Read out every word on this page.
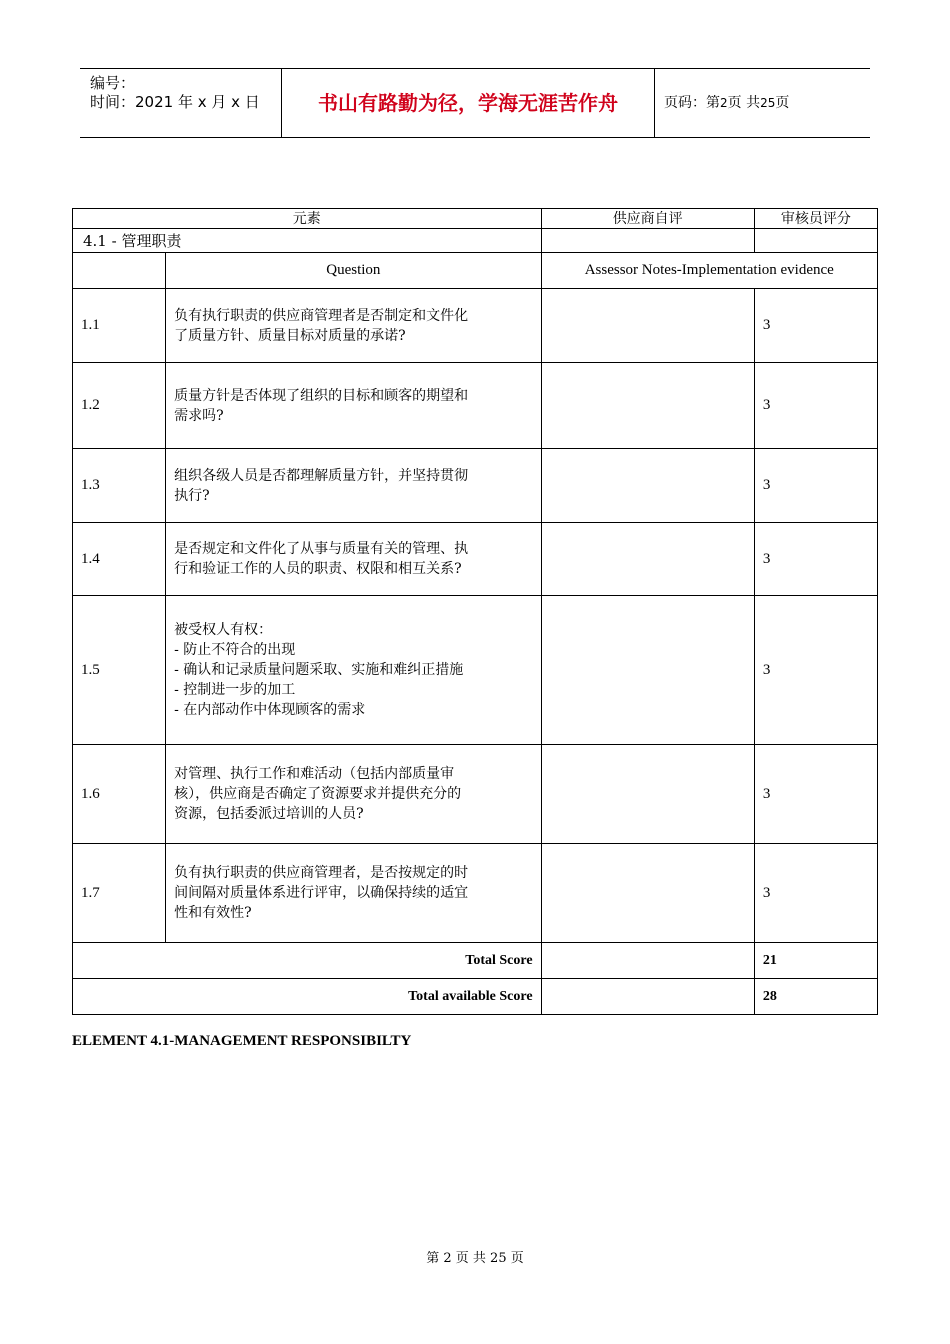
编号：
时间：2021 年 x 月 x 日	书山有路勤为径，学海无涯苦作舟	页码：第2页 共25页
元素		供应商自评	审核员评分
4.1 - 管理职责			
	Question	Assessor Notes-Implementation evidence	
1.1	负有执行职责的供应商管理者是否制定和文件化
了质量方针、质量目标对质量的承诺?		3
1.2	质量方针是否体现了组织的目标和顾客的期望和
需求吗?		3
1.3	组织各级人员是否都理解质量方针，并坚持贯彻
执行?		3
1.4	是否规定和文件化了从事与质量有关的管理、执
行和验证工作的人员的职责、权限和相互关系?		3
1.5	被受权人有权：
- 防止不符合的出现
- 确认和记录质量问题采取、实施和难纠正措施
- 控制进一步的加工
- 在内部动作中体现顾客的需求		3
1.6	对管理、执行工作和难活动（包括内部质量审
核），供应商是否确定了资源要求并提供充分的
资源，包括委派过培训的人员?		3
1.7	负有执行职责的供应商管理者，是否按规定的时
间间隔对质量体系进行评审，以确保持续的适宜
性和有效性?		3
Total Score			21
Total available Score			28
ELEMENT 4.1-MANAGEMENT RESPONSIBILTY
第 2 页 共 25 页
